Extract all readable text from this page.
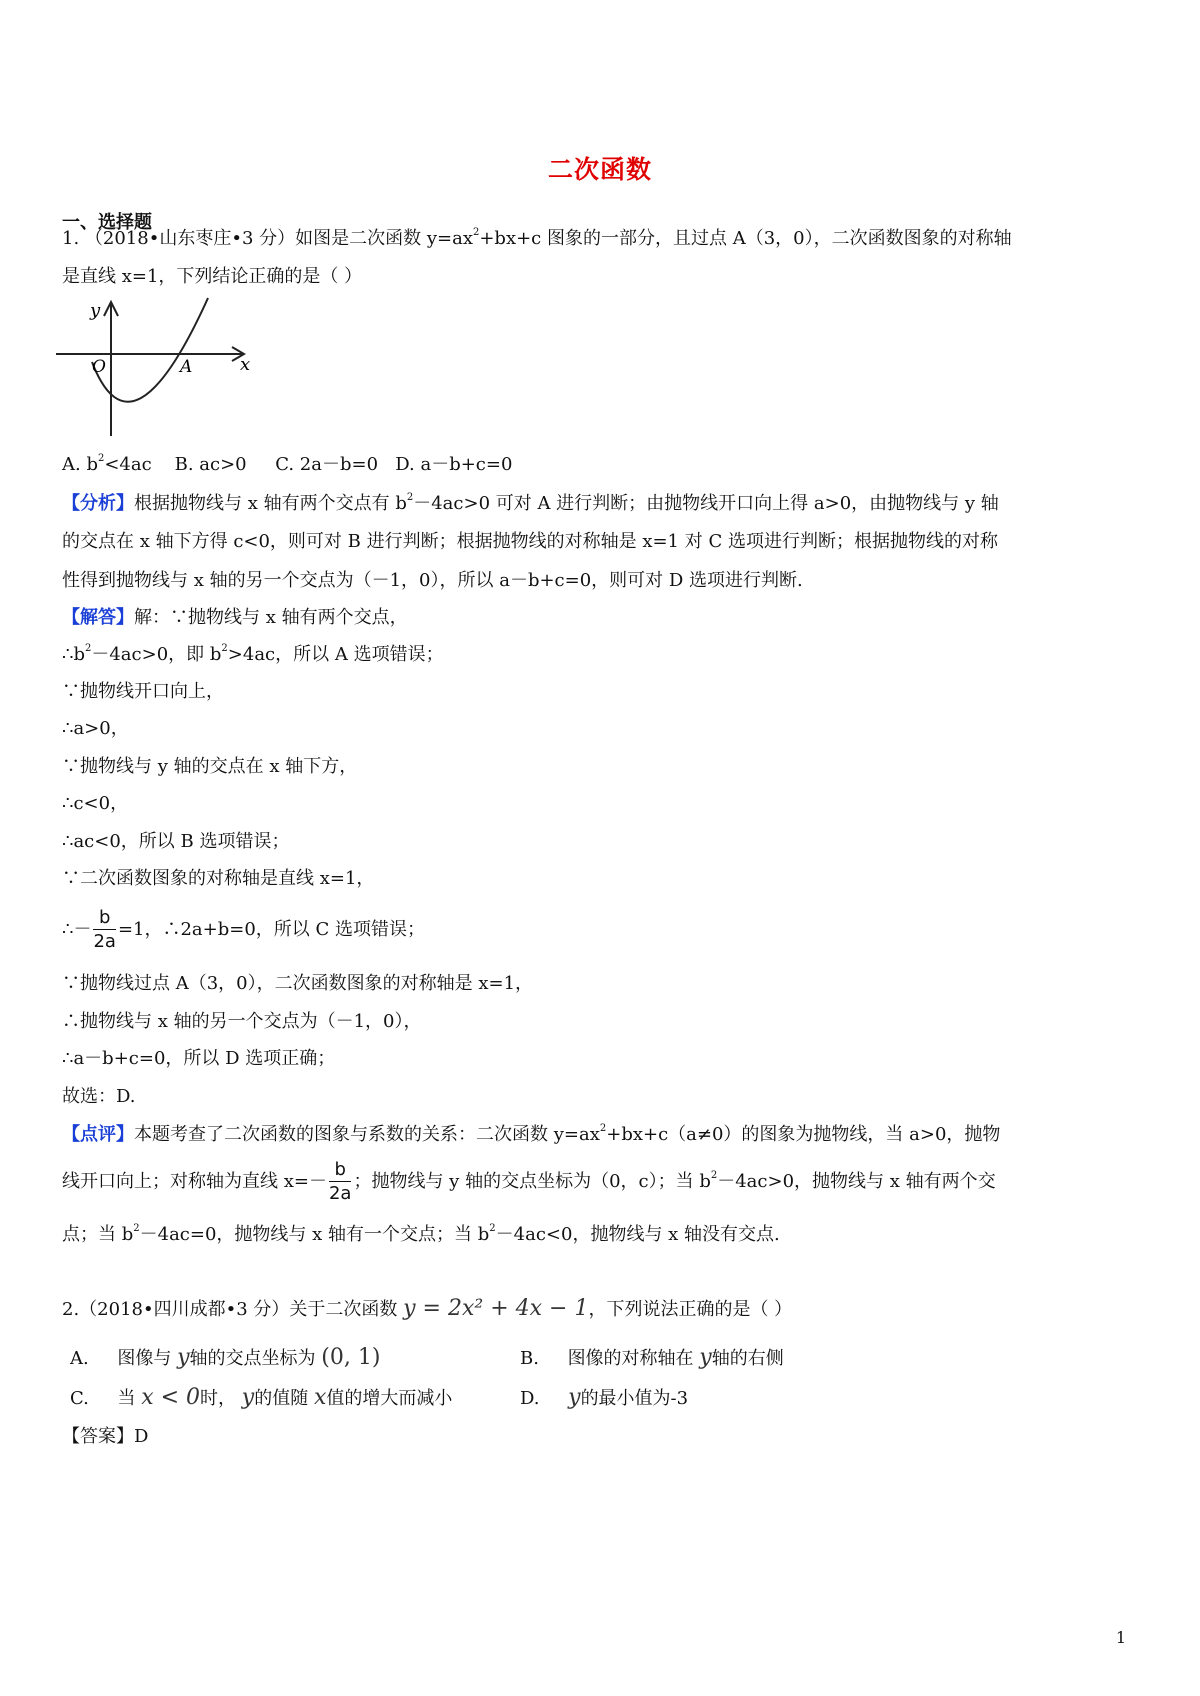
二次函数
一、选择题
1. （2018•山东枣庄•3 分）如图是二次函数 $y=ax^2+bx+c$ 图象的一部分，且过点 A（3，0），二次函数图象的对称轴
是直线 x=1，下列结论正确的是（ ）
y
x
O	A
A. $b^2<4ac$ B. ac>0 C. 2a－b=0 D. a－b+c=0
【分析】根据抛物线与 x 轴有两个交点有 $b^2-4ac>0$ 可对 A 进行判断；由抛物线开口向上得 a>0，由抛物线与 y 轴
的交点在 x 轴下方得 c<0，则可对 B 进行判断；根据抛物线的对称轴是 x=1 对 C 选项进行判断；根据抛物线的对称
性得到抛物线与 x 轴的另一个交点为（－1，0），所以 a－b+c=0，则可对 D 选项进行判断.
【解答】解：∵抛物线与 x 轴有两个交点，
$\therefore b^2-4ac>0$，即 $b^2>4ac$，所以 A 选项错误；
∵抛物线开口向上，
∴a>0，
∵抛物线与 y 轴的交点在 x 轴下方，
∴c<0，
∴ac<0，所以 B 选项错误；
∵二次函数图象的对称轴是直线 x=1，
∴－ $\frac{b}{2a} =1$，∴2a+b=0，所以 C 选项错误；
∵抛物线过点 A（3，0），二次函数图象的对称轴是 x=1，
∴抛物线与 x 轴的另一个交点为（－1，0），
∴a－b+c=0，所以 D 选项正确；
故选：D.
【点评】本题考查了二次函数的图象与系数的关系：二次函数 $y=ax^2+bx+c(a\ne 0)$的图象为抛物线，当 a>0，抛物
线开口向上；对称轴为直线 $x=- \frac{b}{2a}$ ；抛物线与 y 轴的交点坐标为（0，c）；当 $b^2-4ac>0$，抛物线与 x 轴有两个交
点；当 $b^2-4ac=0$，抛物线与 x 轴有一个交点；当 $b^2-4ac<0$，抛物线与 x 轴没有交点.
2.（2018•四川成都•3 分）关于二次函数 y = 2x² + 4x − 1，下列说法正确的是（ ）
A. 图像与 y轴的交点坐标为 (0, 1)	B. 图像的对称轴在 y轴的右侧
C. 当 x < 0时， y的值随 x值的增大而减小	D. y的最小值为-3
【答案】D
1
